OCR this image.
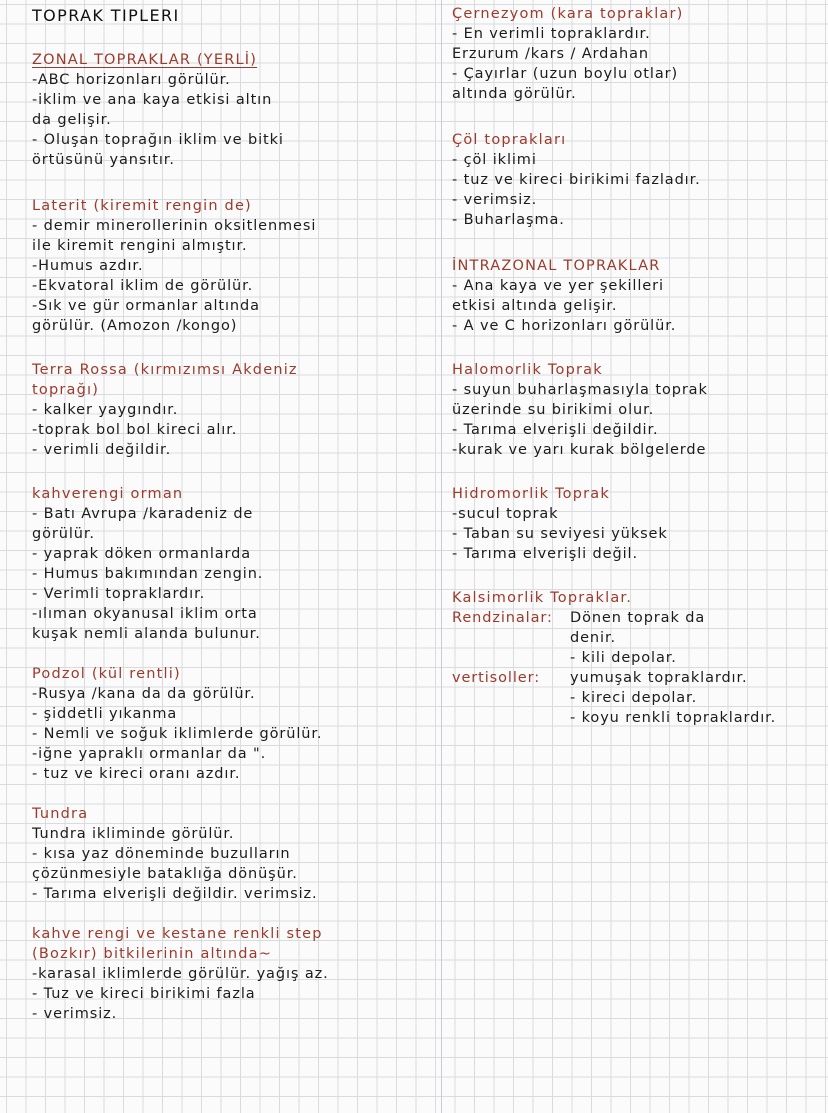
TOPRAK TIPLERI
ZONAL TOPRAKLAR (YERLİ)
-ABC horizonları görülür.
-iklim ve ana kaya etkisi altın
da gelişir.
- Oluşan toprağın iklim ve bitki
örtüsünü yansıtır.
Laterit (kiremit rengin de)
- demir minerollerinin oksitlenmesi
ile kiremit rengini almıştır.
-Humus azdır.
-Ekvatoral iklim de görülür.
-Sık ve gür ormanlar altında
görülür. (Amozon /kongo)
Terra Rossa (kırmızımsı Akdeniz
toprağı)
- kalker yaygındır.
-toprak bol bol kireci alır.
- verimli değildir.
kahverengi orman
- Batı Avrupa /karadeniz de
görülür.
- yaprak döken ormanlarda
- Humus bakımından zengin.
- Verimli topraklardır.
-ılıman okyanusal iklim orta
kuşak nemli alanda bulunur.
Podzol (kül rentli)
-Rusya /kana da da görülür.
- şiddetli yıkanma
- Nemli ve soğuk iklimlerde görülür.
-iğne yapraklı ormanlar da ".
- tuz ve kireci oranı azdır.
Tundra
Tundra ikliminde görülür.
- kısa yaz döneminde buzulların
çözünmesiyle bataklığa dönüşür.
- Tarıma elverişli değildir. verimsiz.
kahve rengi ve kestane renkli step
(Bozkır) bitkilerinin altında~
-karasal iklimlerde görülür. yağış az.
- Tuz ve kireci birikimi fazla
- verimsiz.
Çernezyom (kara topraklar)
- En verimli topraklardır.
Erzurum /kars / Ardahan
- Çayırlar (uzun boylu otlar)
altında görülür.
Çöl toprakları
- çöl iklimi
- tuz ve kireci birikimi fazladır.
- verimsiz.
- Buharlaşma.
İNTRAZONAL TOPRAKLAR
- Ana kaya ve yer şekilleri
etkisi altında gelişir.
- A ve C horizonları görülür.
Halomorlik Toprak
- suyun buharlaşmasıyla toprak
üzerinde su birikimi olur.
- Tarıma elverişli değildir.
-kurak ve yarı kurak bölgelerde
Hidromorlik Toprak
-sucul toprak
- Taban su seviyesi yüksek
- Tarıma elverişli değil.
Kalsimorlik Topraklar.
Rendzinalar: Dönen toprak da
denir.
- kili depolar.
vertisoller: yumuşak topraklardır.
- kireci depolar.
- koyu renkli topraklardır.
